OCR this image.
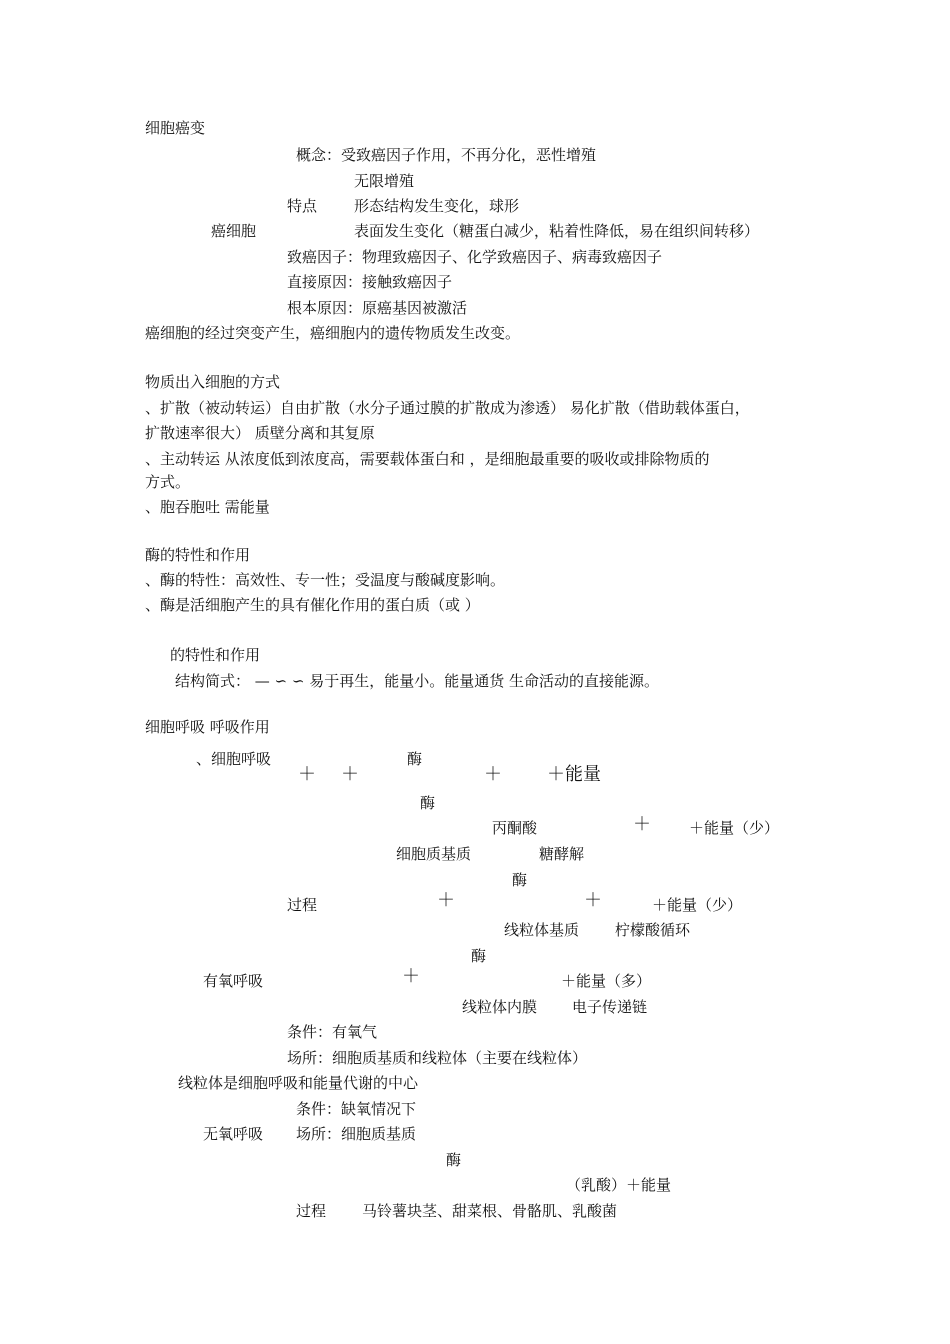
细胞癌变
概念：受致癌因子作用，不再分化，恶性增殖
无限增殖
特点 形态结构发生变化，球形
癌细胞	表面发生变化（糖蛋白减少，粘着性降低，易在组织间转移）
致癌因子：物理致癌因子、化学致癌因子、病毒致癌因子
直接原因：接触致癌因子
根本原因：原癌基因被激活
癌细胞的经过突变产生，癌细胞内的遗传物质发生改变。
物质出入细胞的方式
、扩散（被动转运）自由扩散（水分子通过膜的扩散成为渗透） 易化扩散（借助载体蛋白，
扩散速率很大） 质壁分离和其复原
、主动转运 从浓度低到浓度高，需要载体蛋白和 ，是细胞最重要的吸收或排除物质的
方式。
、胞吞胞吐 需能量
酶的特性和作用
、酶的特性：高效性、专一性；受温度与酸碱度影响。
、酶是活细胞产生的具有催化作用的蛋白质（或 ）
的特性和作用
结构简式： — ∽ ∽ 易于再生，能量小。能量通货 生命活动的直接能源。
细胞呼吸 呼吸作用
、细胞呼吸	酶
＋ ＋	＋	＋能量
酶
丙酮酸	＋	＋能量（少）
细胞质基质	糖酵解
酶
过程	＋	＋	＋能量（少）
线粒体基质 柠檬酸循环
酶
有氧呼吸	＋	＋能量（多）
线粒体内膜 电子传递链
条件：有氧气
场所：细胞质基质和线粒体（主要在线粒体）
线粒体是细胞呼吸和能量代谢的中心
条件：缺氧情况下
无氧呼吸 场所：细胞质基质
酶
（乳酸）＋能量
过程 马铃薯块茎、甜菜根、骨骼肌、乳酸菌
